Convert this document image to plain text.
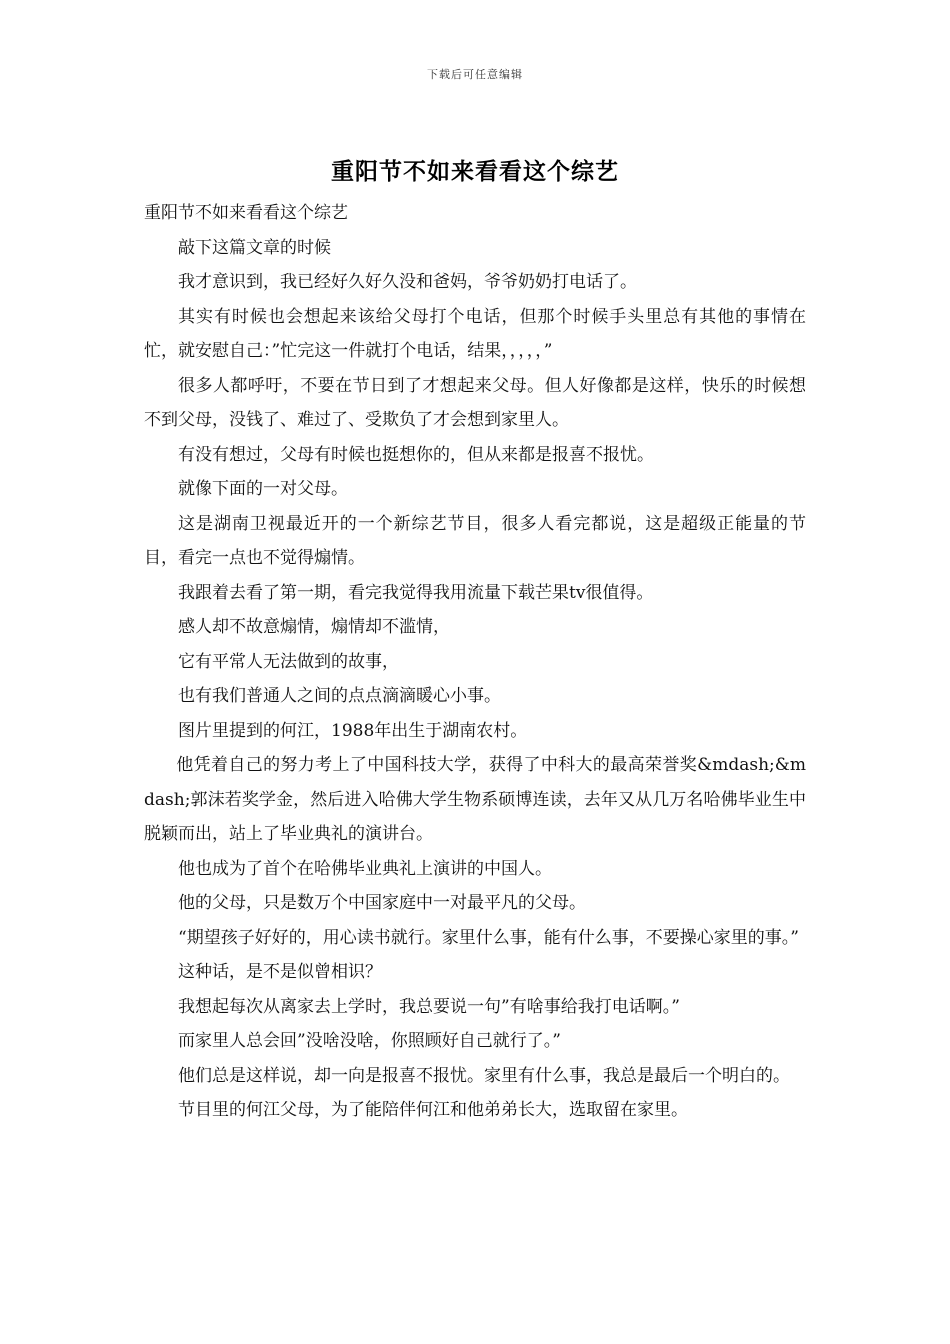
下载后可任意编辑
重阳节不如来看看这个综艺

重阳节不如来看看这个综艺

敲下这篇文章的时候

我才意识到，我已经好久好久没和爸妈，爷爷奶奶打电话了。

其实有时候也会想起来该给父母打个电话，但那个时候手头里总有其他的事情在忙，就安慰自己：”忙完这一件就打个电话，结果，，，，，”

很多人都呼吁，不要在节日到了才想起来父母。但人好像都是这样，快乐的时候想不到父母，没钱了、难过了、受欺负了才会想到家里人。

有没有想过，父母有时候也挺想你的，但从来都是报喜不报忧。

就像下面的一对父母。

这是湖南卫视最近开的一个新综艺节目，很多人看完都说，这是超级正能量的节目，看完一点也不觉得煽情。

我跟着去看了第一期，看完我觉得我用流量下载芒果tv很值得。

感人却不故意煽情，煽情却不滥情，

它有平常人无法做到的故事，

也有我们普通人之间的点点滴滴暖心小事。

图片里提到的何江，1988年出生于湖南农村。

他凭着自己的努力考上了中国科技大学，获得了中科大的最高荣誉奖&mdash;&mdash;郭沫若奖学金，然后进入哈佛大学生物系硕博连读，去年又从几万名哈佛毕业生中脱颖而出，站上了毕业典礼的演讲台。

他也成为了首个在哈佛毕业典礼上演讲的中国人。

他的父母，只是数万个中国家庭中一对最平凡的父母。

“期望孩子好好的，用心读书就行。家里什么事，能有什么事，不要操心家里的事。”

这种话，是不是似曾相识？

我想起每次从离家去上学时，我总要说一句”有啥事给我打电话啊。”

而家里人总会回”没啥没啥，你照顾好自己就行了。”

他们总是这样说，却一向是报喜不报忧。家里有什么事，我总是最后一个明白的。

节目里的何江父母，为了能陪伴何江和他弟弟长大，选取留在家里。
